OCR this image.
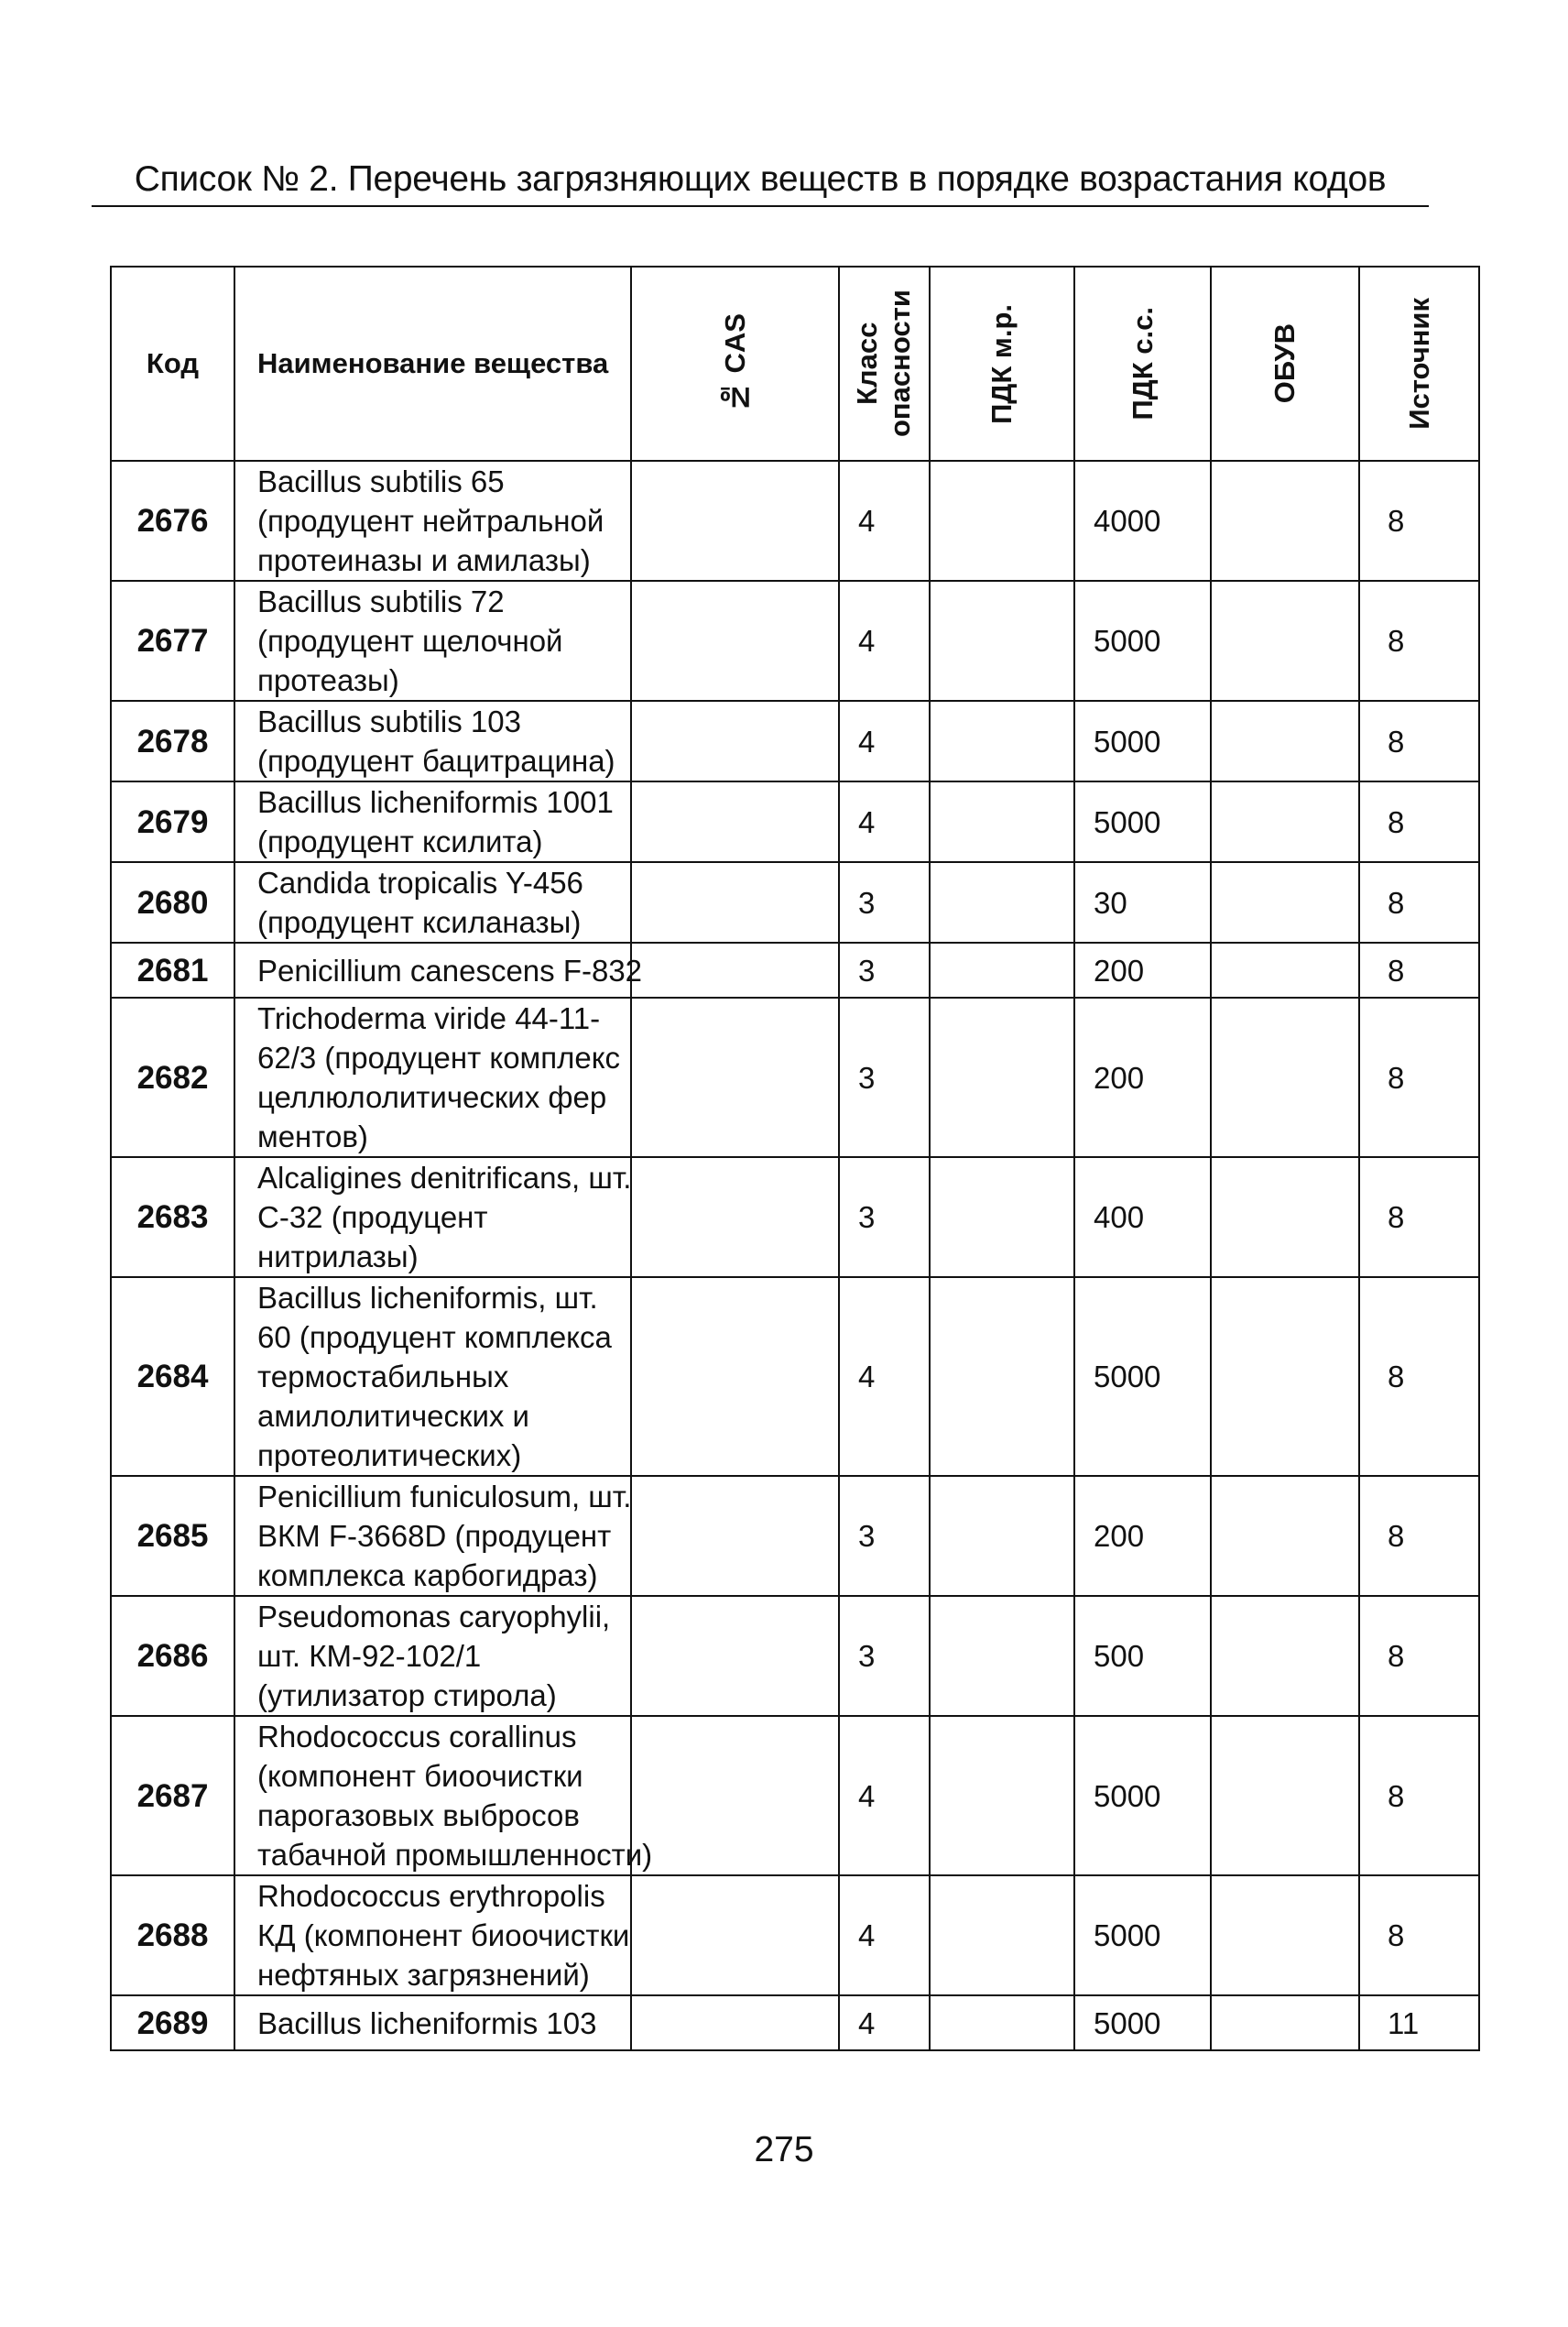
Список № 2. Перечень загрязняющих веществ в порядке возрастания кодов
Код	Наименование вещества	№ CAS	Класс опасности	ПДК м.р.	ПДК с.с.	ОБУВ	Источник

2676	Bacillus subtilis 65
(продуцент нейтральной
протеиназы и амилазы)		4		4000		8
2677	Bacillus subtilis 72
(продуцент щелочной
протеазы)		4		5000		8
2678	Bacillus subtilis 103
(продуцент бацитрацина)		4		5000		8
2679	Bacillus licheniformis 1001
(продуцент ксилита)		4		5000		8
2680	Candida tropicalis Y-456
(продуцент ксиланазы)		3		30		8
2681	Penicillium canescens F-832		3		200		8
2682	Trichoderma viride 44-11-
62/3 (продуцент комплекс
целлюлолитических фер
ментов)		3		200		8
2683	Alcaligines denitrificans, шт.
С-32 (продуцент
нитрилазы)		3		400		8
2684	Bacillus licheniformis, шт.
60 (продуцент комплекса
термостабильных
амилолитических и
протеолитических)		4		5000		8
2685	Penicillium funiculosum, шт.
ВКМ F-3668D (продуцент
комплекса карбогидраз)		3		200		8
2686	Pseudomonas caryophylii,
шт. КМ-92-102/1
(утилизатор стирола)		3		500		8
2687	Rhodococcus corallinus
(компонент биоочистки
парогазовых выбросов
табачной промышленности)		4		5000		8
2688	Rhodococcus erythropolis
КД (компонент биоочистки
нефтяных загрязнений)		4		5000		8
2689	Bacillus licheniformis 103		4		5000		11
275
